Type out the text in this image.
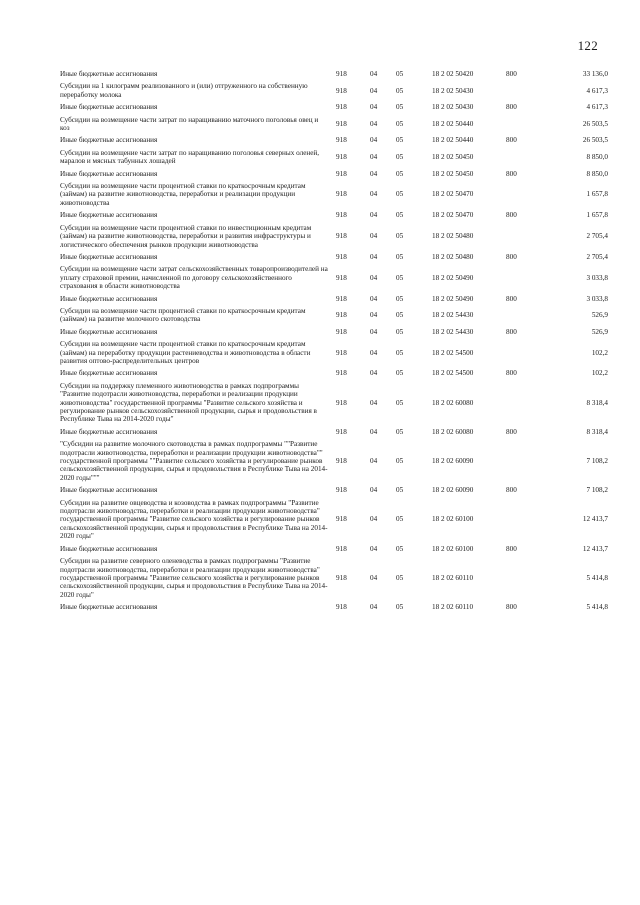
122
Иные бюджетные ассигнования	918	04	05	18 2 02 50420	800	33 136,0
Субсидии на 1 килограмм реализованного и (или) отгруженного на собственную переработку молока	918	04	05	18 2 02 50430		4 617,3
Иные бюджетные ассигнования	918	04	05	18 2 02 50430	800	4 617,3
Субсидии на возмещение части затрат по наращиванию маточного поголовья овец и коз	918	04	05	18 2 02 50440		26 503,5
Иные бюджетные ассигнования	918	04	05	18 2 02 50440	800	26 503,5
Субсидии на возмещение части затрат по наращиванию поголовья северных оленей, маралов и мясных табунных лошадей	918	04	05	18 2 02 50450		8 850,0
Иные бюджетные ассигнования	918	04	05	18 2 02 50450	800	8 850,0
Субсидии на возмещение части процентной ставки по краткосрочным кредитам (займам) на развитие животноводства, переработки и реализации продукции животноводства	918	04	05	18 2 02 50470		1 657,8
Иные бюджетные ассигнования	918	04	05	18 2 02 50470	800	1 657,8
Субсидии на возмещение части процентной ставки по инвестиционным кредитам (займам) на развитие животноводства, переработки и развития инфраструктуры и логистического обеспечения рынков продукции животноводства	918	04	05	18 2 02 50480		2 705,4
Иные бюджетные ассигнования	918	04	05	18 2 02 50480	800	2 705,4
Субсидии на возмещение части затрат сельскохозяйственных товаропроизводителей на уплату страховой премии, начисленной по договору сельскохозяйственного страхования в области животноводства	918	04	05	18 2 02 50490		3 033,8
Иные бюджетные ассигнования	918	04	05	18 2 02 50490	800	3 033,8
Субсидии на возмещение части процентной ставки по краткосрочным кредитам (займам) на развитие молочного скотоводства	918	04	05	18 2 02 54430		526,9
Иные бюджетные ассигнования	918	04	05	18 2 02 54430	800	526,9
Субсидии на возмещение части процентной ставки по краткосрочным кредитам (займам) на переработку продукции растениеводства и животноводства в области развития оптово-распределительных центров	918	04	05	18 2 02 54500		102,2
Иные бюджетные ассигнования	918	04	05	18 2 02 54500	800	102,2
Субсидии на поддержку племенного животноводства в рамках подпрограммы "Развитие подотрасли животноводства, переработки и реализации продукции животноводства" государственной программы "Развитие сельского хозяйства и регулирование рынков сельскохозяйственной продукции, сырья и продовольствия в Республике Тыва на 2014-2020 годы"	918	04	05	18 2 02 60080		8 318,4
Иные бюджетные ассигнования	918	04	05	18 2 02 60080	800	8 318,4
"Субсидии на развитие молочного скотоводства в рамках подпрограммы ""Развитие подотрасли животноводства, переработки и реализации продукции животноводства"" государственной программы ""Развитие сельского хозяйства и регулирование рынков сельскохозяйственной продукции, сырья и продовольствия в Республике Тыва на 2014-2020 годы"""	918	04	05	18 2 02 60090		7 108,2
Иные бюджетные ассигнования	918	04	05	18 2 02 60090	800	7 108,2
Субсидии на развитие овцеводства и козоводства в рамках подпрограммы "Развитие подотрасли животноводства, переработки и реализации продукции животноводства" государственной программы "Развитие сельского хозяйства и регулирование рынков сельскохозяйственной продукции, сырья и продовольствия в Республике Тыва на 2014-2020 годы"	918	04	05	18 2 02 60100		12 413,7
Иные бюджетные ассигнования	918	04	05	18 2 02 60100	800	12 413,7
Субсидии на развитие северного оленеводства в рамках подпрограммы "Развитие подотрасли животноводства, переработки и реализации продукции животноводства" государственной программы "Развитие сельского хозяйства и регулирование рынков сельскохозяйственной продукции, сырья и продовольствия в Республике Тыва на 2014-2020 годы"	918	04	05	18 2 02 60110		5 414,8
Иные бюджетные ассигнования	918	04	05	18 2 02 60110	800	5 414,8
